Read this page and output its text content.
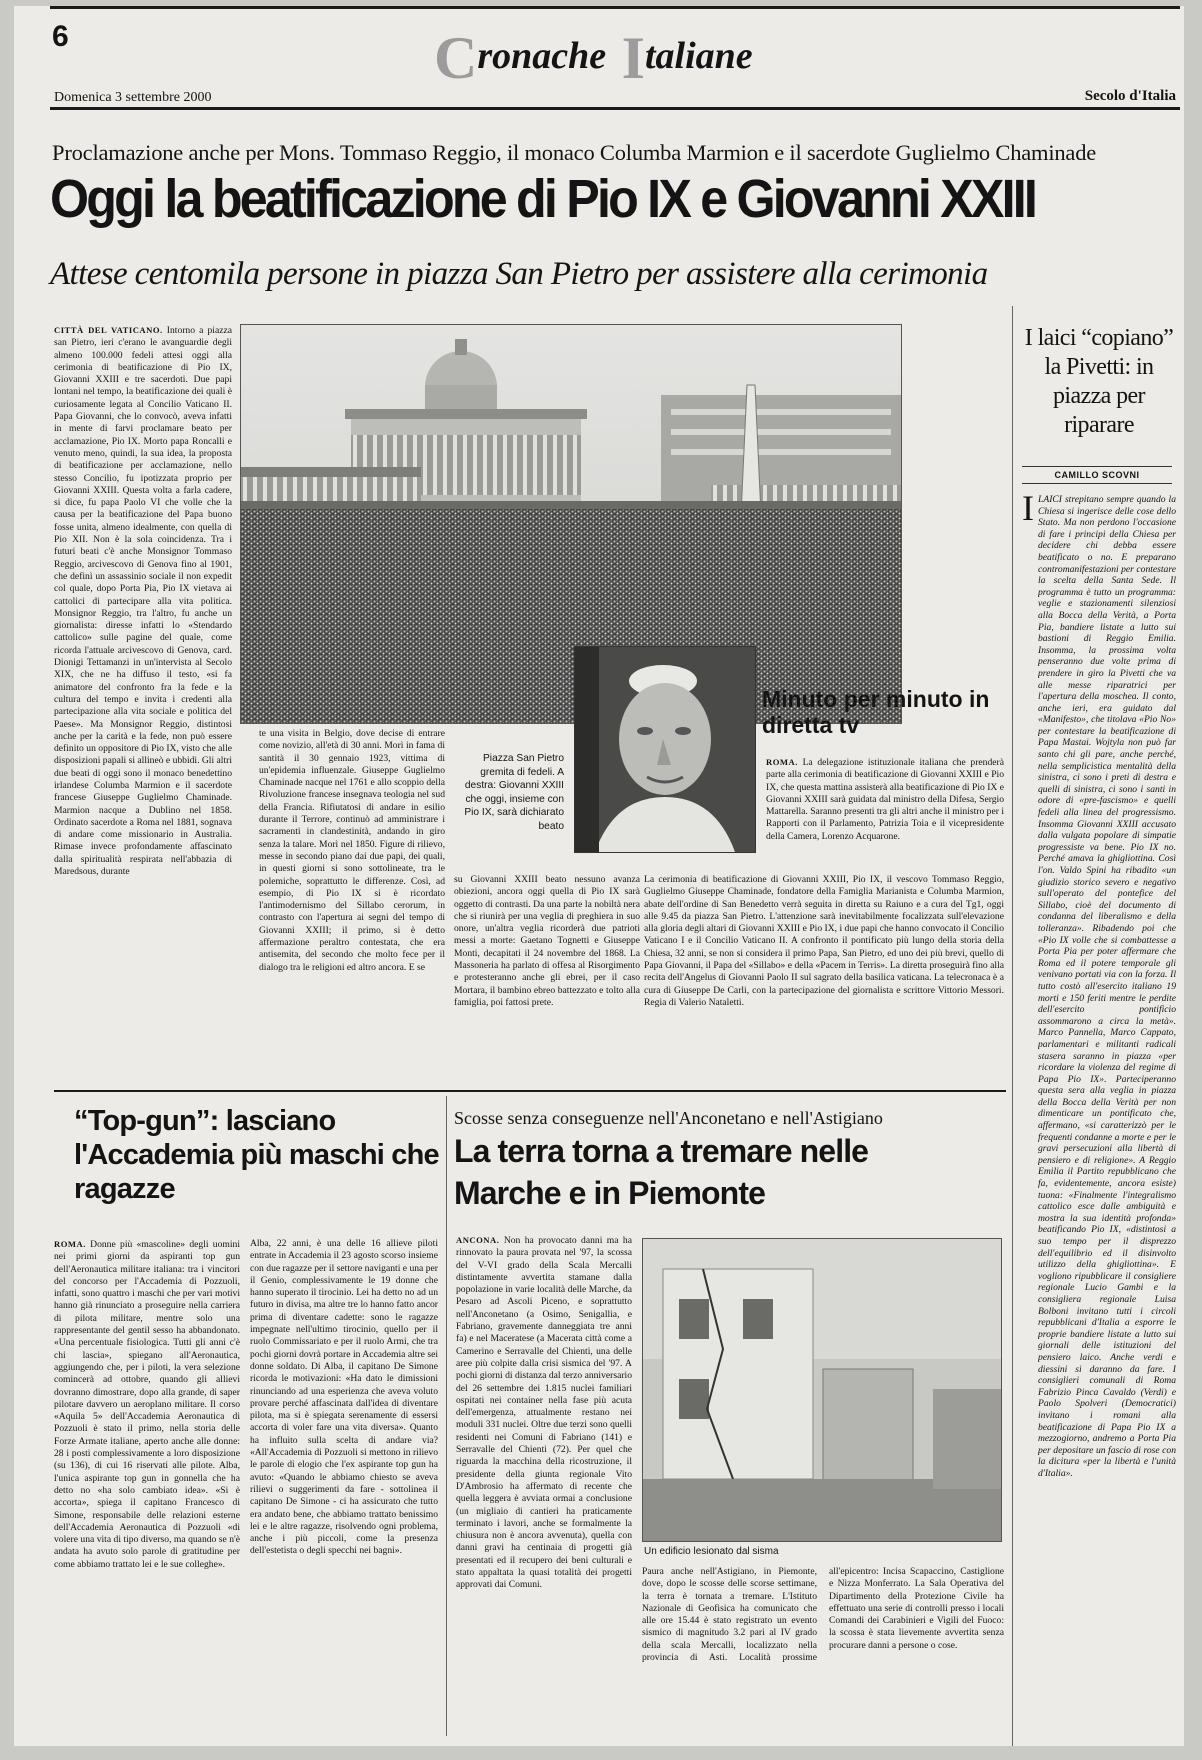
6	Cronache Italiane
Domenica 3 settembre 2000	Secolo d'Italia
Proclamazione anche per Mons. Tommaso Reggio, il monaco Columba Marmion e il sacerdote Guglielmo Chaminade
Oggi la beatificazione di Pio IX e Giovanni XXIII
Attese centomila persone in piazza San Pietro per assistere alla cerimonia
CITTÀ DEL VATICANO. Intorno a piazza san Pietro, ieri c'erano le avanguardie degli almeno 100.000 fedeli attesi oggi alla cerimonia di beatificazione di Pio IX, Giovanni XXIII e tre sacerdoti. Due papi lontani nel tempo, la beatificazione dei quali è curiosamente legata al Concilio Vaticano II. Papa Giovanni, che lo convocò, aveva infatti in mente di farvi proclamare beato per acclamazione, Pio IX. Morto papa Roncalli e venuto meno, quindi, la sua idea, la proposta di beatificazione per acclamazione, nello stesso Concilio, fu ipotizzata proprio per Giovanni XXIII. Questa volta a farla cadere, si dice, fu papa Paolo VI che volle che la causa per la beatificazione del Papa buono fosse unita, almeno idealmente, con quella di Pio XII. Non è la sola coincidenza. Tra i futuri beati c'è anche Monsignor Tommaso Reggio, arcivescovo di Genova fino al 1901, che definì un assassinio sociale il non expedit col quale, dopo Porta Pia, Pio IX vietava ai cattolici di partecipare alla vita politica. Monsignor Reggio, tra l'altro, fu anche un giornalista: diresse infatti lo «Stendardo cattolico» sulle pagine del quale, come ricorda l'attuale arcivescovo di Genova, card. Dionigi Tettamanzi in un'intervista al Secolo XIX, che ne ha diffuso il testo, «si fa animatore del confronto fra la fede e la cultura del tempo e invita i credenti alla partecipazione alla vita sociale e politica del Paese». Ma Monsignor Reggio, distintosi anche per la carità e la fede, non può essere definito un oppositore di Pio IX, visto che alle disposizioni papali si allineò e ubbidì. Gli altri due beati di oggi sono il monaco benedettino irlandese Columba Marmion e il sacerdote francese Giuseppe Guglielmo Chaminade. Marmion nacque a Dublino nel 1858. Ordinato sacerdote a Roma nel 1881, sognava di andare come missionario in Australia. Rimase invece profondamente affascinato dalla spiritualità respirata nell'abbazia di Maredsous, durante
Piazza San Pietro gremita di fedeli. A destra: Giovanni XXIII che oggi, insieme con Pio IX, sarà dichiarato beato
te una visita in Belgio, dove decise di entrare come novizio, all'età di 30 anni. Morì in fama di santità il 30 gennaio 1923, vittima di un'epidemia influenzale. Giuseppe Guglielmo Chaminade nacque nel 1761 e allo scoppio della Rivoluzione francese insegnava teologia nel sud della Francia. Rifiutatosi di andare in esilio durante il Terrore, continuò ad amministrare i sacramenti in clandestinità, andando in giro senza la talare. Morì nel 1850. Figure di rilievo, messe in secondo piano dai due papi, dei quali, in questi giorni si sono sottolineate, tra le polemiche, soprattutto le differenze. Così, ad esempio, di Pio IX si è ricordato l'antimodernismo del Sillabo cerorum, in contrasto con l'apertura ai segni del tempo di Giovanni XXIII; il primo, si è detto affermazione peraltro contestata, che era antisemita, del secondo che molto fece per il dialogo tra le religioni ed altro ancora. E se
su Giovanni XXIII beato nessuno avanza obiezioni, ancora oggi quella di Pio IX sarà oggetto di contrasti. Da una parte la nobiltà nera che si riunirà per una veglia di preghiera in suo onore, un'altra veglia ricorderà due patrioti messi a morte: Gaetano Tognetti e Giuseppe Monti, decapitati il 24 novembre del 1868. La Massoneria ha parlato di offesa al Risorgimento e protesteranno anche gli ebrei, per il caso Mortara, il bambino ebreo battezzato e tolto alla famiglia, poi fattosi prete.
Minuto per minuto in diretta tv
ROMA. La delegazione istituzionale italiana che prenderà parte alla cerimonia di beatificazione di Giovanni XXIII e Pio IX, che questa mattina assisterà alla beatificazione di Pio IX e Giovanni XXIII sarà guidata dal ministro della Difesa, Sergio Mattarella. Saranno presenti tra gli altri anche il ministro per i Rapporti con il Parlamento, Patrizia Toia e il vicepresidente della Camera, Lorenzo Acquarone.
La cerimonia di beatificazione di Giovanni XXIII, Pio IX, il vescovo Tommaso Reggio, Guglielmo Giuseppe Chaminade, fondatore della Famiglia Marianista e Columba Marmion, abate dell'ordine di San Benedetto verrà seguita in diretta su Raiuno e a cura del Tg1, oggi alle 9.45 da piazza San Pietro. L'attenzione sarà inevitabilmente focalizzata sull'elevazione alla gloria degli altari di Giovanni XXIII e Pio IX, i due papi che hanno convocato il Concilio Vaticano I e il Concilio Vaticano II. A confronto il pontificato più lungo della storia della Chiesa, 32 anni, se non si considera il primo Papa, San Pietro, ed uno dei più brevi, quello di Papa Giovanni, il Papa del «Sillabo» e della «Pacem in Terris». La diretta proseguirà fino alla recita dell'Angelus di Giovanni Paolo II sul sagrato della basilica vaticana. La telecronaca è a cura di Giuseppe De Carli, con la partecipazione del giornalista e scrittore Vittorio Messori. Regia di Valerio Nataletti.
I laici “copiano” la Pivetti: in piazza per riparare
CAMILLO SCOVNI
I LAICI strepitano sempre quando la Chiesa si ingerisce delle cose dello Stato. Ma non perdono l'occasione di fare i principi della Chiesa per decidere chi debba essere beatificato o no. E preparano contromanifestazioni per contestare la scelta della Santa Sede. Il programma è tutto un programma: veglie e stazionamenti silenziosi alla Bocca della Verità, a Porta Pia, bandiere listate a lutto sui bastioni di Reggio Emilia. Insomma, la prossima volta penseranno due volte prima di prendere in giro la Pivetti che va alle messe riparatrici per l'apertura della moschea. Il conto, anche ieri, era guidato dal «Manifesto», che titolava «Pio No» per contestare la beatificazione di Papa Mastai. Wojtyla non può far santo chi gli pare, anche perché, nella semplicistica mentalità della sinistra, ci sono i preti di destra e quelli di sinistra, ci sono i santi in odore di «pre-fascismo» e quelli fedeli alla linea del progressismo. Insomma Giovanni XXIII accusato dalla vulgata popolare di simpatie progressiste va bene. Pio IX no. Perché amava la ghigliottina. Così l'on. Valdo Spini ha ribadito «un giudizio storico severo e negativo sull'operato del pontefice del Sillabo, cioè del documento di condanna del liberalismo e della tolleranza». Ribadendo poi che «Pio IX volle che si combattesse a Porta Pia per poter affermare che Roma ed il potere temporale gli venivano portati via con la forza. Il tutto costò all'esercito italiano 19 morti e 150 feriti mentre le perdite dell'esercito pontificio assommarono a circa la metà». Marco Pannella, Marco Cappato, parlamentari e militanti radicali stasera saranno in piazza «per ricordare la violenza del regime di Papa Pio IX». Parteciperanno questa sera alla veglia in piazza della Bocca della Verità per non dimenticare un pontificato che, affermano, «si caratterizzò per le frequenti condanne a morte e per le gravi persecuzioni alla libertà di pensiero e di religione». A Reggio Emilia il Partito repubblicano che fa, evidentemente, ancora esiste) tuona: «Finalmente l'integralismo cattolico esce dalle ambiguità e mostra la sua identità profonda» beatificando Pio IX, «distintosi a suo tempo per il disprezzo dell'equilibrio ed il disinvolto utilizzo della ghigliottina». E vogliono ripubblicare il consigliere regionale Lucio Gambi e la consigliera regionale Luisa Bolboni invitano tutti i circoli repubblicani d'Italia a esporre le proprie bandiere listate a lutto sui giornali delle istituzioni del pensiero laico. Anche verdi e diessini si daranno da fare. I consiglieri comunali di Roma Fabrizio Pinca Cavaldo (Verdi) e Paolo Spolveri (Democratici) invitano i romani alla beatificazione di Papa Pio IX a mezzogiorno, andremo a Porta Pia per depositare un fascio di rose con la dicitura «per la libertà e l'unità d'Italia».
“Top-gun”: lasciano l'Accademia più maschi che ragazze
ROMA. Donne più «mascoline» degli uomini nei primi giorni da aspiranti top gun dell'Aeronautica militare italiana: tra i vincitori del concorso per l'Accademia di Pozzuoli, infatti, sono quattro i maschi che per vari motivi hanno già rinunciato a proseguire nella carriera di pilota militare, mentre solo una rappresentante del gentil sesso ha abbandonato. «Una percentuale fisiologica. Tutti gli anni c'è chi lascia», spiegano all'Aeronautica, aggiungendo che, per i piloti, la vera selezione comincerà ad ottobre, quando gli allievi dovranno dimostrare, dopo alla grande, di saper pilotare davvero un aeroplano militare. Il corso «Aquila 5» dell'Accademia Aeronautica di Pozzuoli è stato il primo, nella storia delle Forze Armate italiane, aperto anche alle donne: 28 i posti complessivamente a loro disposizione (su 136), di cui 16 riservati alle pilote. Alba, l'unica aspirante top gun in gonnella che ha detto no «ha solo cambiato idea». «Si è accorta», spiega il capitano Francesco di Simone, responsabile delle relazioni esterne dell'Accademia Aeronautica di Pozzuoli «di volere una vita di tipo diverso, ma quando se n'è andata ha avuto solo parole di gratitudine per come abbiamo trattato lei e le sue colleghe».
Alba, 22 anni, è una delle 16 allieve piloti entrate in Accademia il 23 agosto scorso insieme con due ragazze per il settore naviganti e una per il Genio, complessivamente le 19 donne che hanno superato il tirocinio. Lei ha detto no ad un futuro in divisa, ma altre tre lo hanno fatto ancor prima di diventare cadette: sono le ragazze impegnate nell'ultimo tirocinio, quello per il ruolo Commissariato e per il ruolo Armi, che tra pochi giorni dovrà portare in Accademia altre sei donne soldato. Di Alba, il capitano De Simone ricorda le motivazioni: «Ha dato le dimissioni rinunciando ad una esperienza che aveva voluto provare perché affascinata dall'idea di diventare pilota, ma si è spiegata serenamente di essersi accorta di voler fare una vita diversa». Quanto ha influito sulla scelta di andare via? «All'Accademia di Pozzuoli si mettono in rilievo le parole di elogio che l'ex aspirante top gun ha avuto: «Quando le abbiamo chiesto se aveva rilievi o suggerimenti da fare - sottolinea il capitano De Simone - ci ha assicurato che tutto era andato bene, che abbiamo trattato benissimo lei e le altre ragazze, risolvendo ogni problema, anche i più piccoli, come la presenza dell'estetista o degli specchi nei bagni».
Scosse senza conseguenze nell'Anconetano e nell'Astigiano
La terra torna a tremare nelle Marche e in Piemonte
ANCONA. Non ha provocato danni ma ha rinnovato la paura provata nel '97, la scossa del V-VI grado della Scala Mercalli distintamente avvertita stamane dalla popolazione in varie località delle Marche, da Pesaro ad Ascoli Piceno, e soprattutto nell'Anconetano (a Osimo, Senigallia, e Fabriano, gravemente danneggiata tre anni fa) e nel Maceratese (a Macerata città come a Camerino e Serravalle del Chienti, una delle aree più colpite dalla crisi sismica del '97. A pochi giorni di distanza dal terzo anniversario del 26 settembre dei 1.815 nuclei familiari ospitati nei container nella fase più acuta dell'emergenza, attualmente restano nei moduli 331 nuclei. Oltre due terzi sono quelli residenti nei Comuni di Fabriano (141) e Serravalle del Chienti (72). Per quel che riguarda la macchina della ricostruzione, il presidente della giunta regionale Vito D'Ambrosio ha affermato di recente che quella leggera è avviata ormai a conclusione (un migliaio di cantieri ha praticamente terminato i lavori, anche se formalmente la chiusura non è ancora avvenuta), quella con danni gravi ha centinaia di progetti già presentati ed il recupero dei beni culturali e stato appaltata la quasi totalità dei progetti approvati dai Comuni.
Un edificio lesionato dal sisma
Paura anche nell'Astigiano, in Piemonte, dove, dopo le scosse delle scorse settimane, la terra è tornata a tremare. L'Istituto Nazionale di Geofisica ha comunicato che alle ore 15.44 è stato registrato un evento sismico di magnitudo 3.2 pari al IV grado della scala Mercalli, localizzato nella provincia di Asti. Località prossime all'epicentro: Incisa Scapaccino, Castiglione e Nizza Monferrato. La Sala Operativa del Dipartimento della Protezione Civile ha effettuato una serie di controlli presso i locali Comandi dei Carabinieri e Vigili del Fuoco: la scossa è stata lievemente avvertita senza procurare danni a persone o cose.
